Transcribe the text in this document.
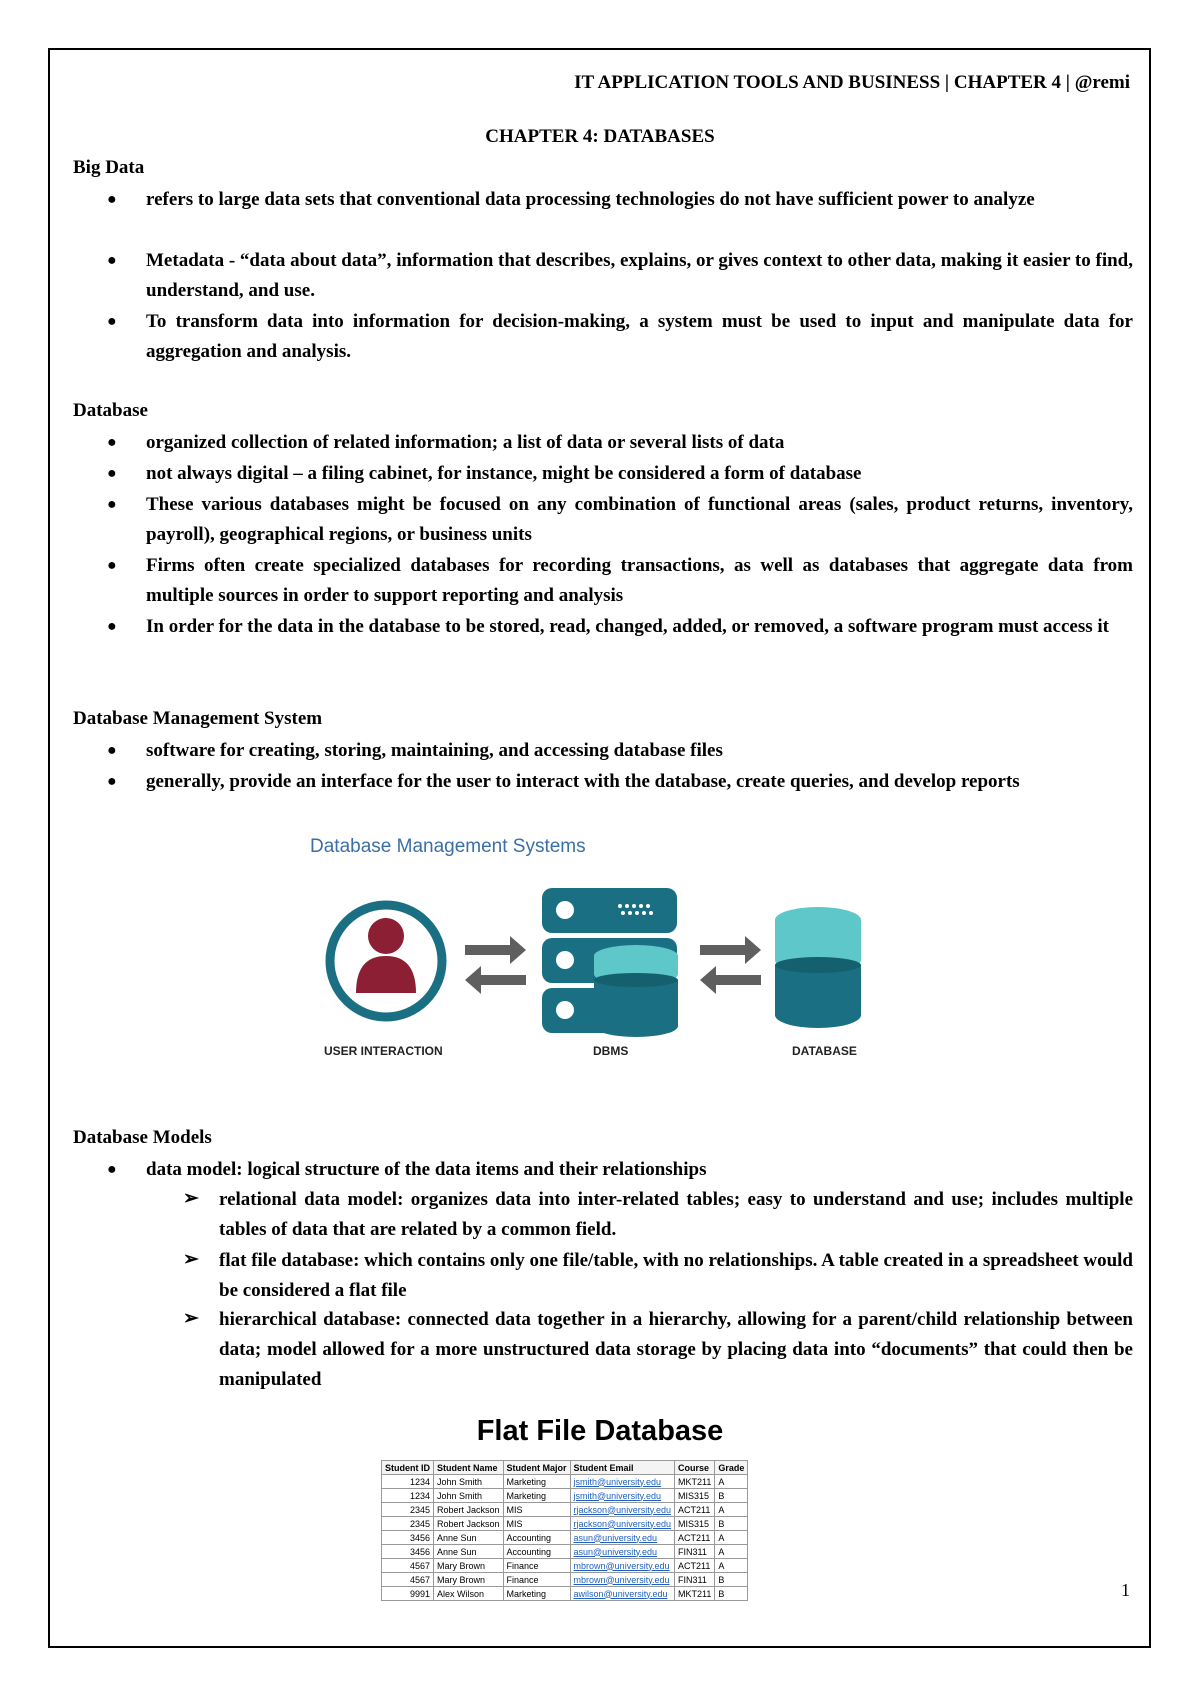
IT APPLICATION TOOLS AND BUSINESS | CHAPTER 4 | @remi
CHAPTER 4: DATABASES
Big Data
● refers to large data sets that conventional data processing technologies do not have sufficient power to analyze
● Metadata - “data about data”, information that describes, explains, or gives context to other data, making it easier to find, understand, and use.
● To transform data into information for decision-making, a system must be used to input and manipulate data for aggregation and analysis.
Database
● organized collection of related information; a list of data or several lists of data
● not always digital – a filing cabinet, for instance, might be considered a form of database
● These various databases might be focused on any combination of functional areas (sales, product returns, inventory, payroll), geographical regions, or business units
● Firms often create specialized databases for recording transactions, as well as databases that aggregate data from multiple sources in order to support reporting and analysis
● In order for the data in the database to be stored, read, changed, added, or removed, a software program must access it
Database Management System
● software for creating, storing, maintaining, and accessing database files
● generally, provide an interface for the user to interact with the database, create queries, and develop reports
Database Management Systems
USER INTERACTION	DBMS	DATABASE
Database Models
● data model: logical structure of the data items and their relationships
➢ relational data model: organizes data into inter-related tables; easy to understand and use; includes multiple tables of data that are related by a common field.
➢ flat file database: which contains only one file/table, with no relationships. A table created in a spreadsheet would be considered a flat file
➢ hierarchical database: connected data together in a hierarchy, allowing for a parent/child relationship between data; model allowed for a more unstructured data storage by placing data into “documents” that could then be manipulated
Flat File Database
Student ID	Student Name	Student Major	Student Email	Course	Grade
1234	John Smith	Marketing	jsmith@university.edu	MKT211	A
1234	John Smith	Marketing	jsmith@university.edu	MIS315	B
2345	Robert Jackson	MIS	rjackson@university.edu	ACT211	A
2345	Robert Jackson	MIS	rjackson@university.edu	MIS315	B
3456	Anne Sun	Accounting	asun@university.edu	ACT211	A
3456	Anne Sun	Accounting	asun@university.edu	FIN311	A
4567	Mary Brown	Finance	mbrown@university.edu	ACT211	A
4567	Mary Brown	Finance	mbrown@university.edu	FIN311	B
9991	Alex Wilson	Marketing	awilson@university.edu	MKT211	B	1
